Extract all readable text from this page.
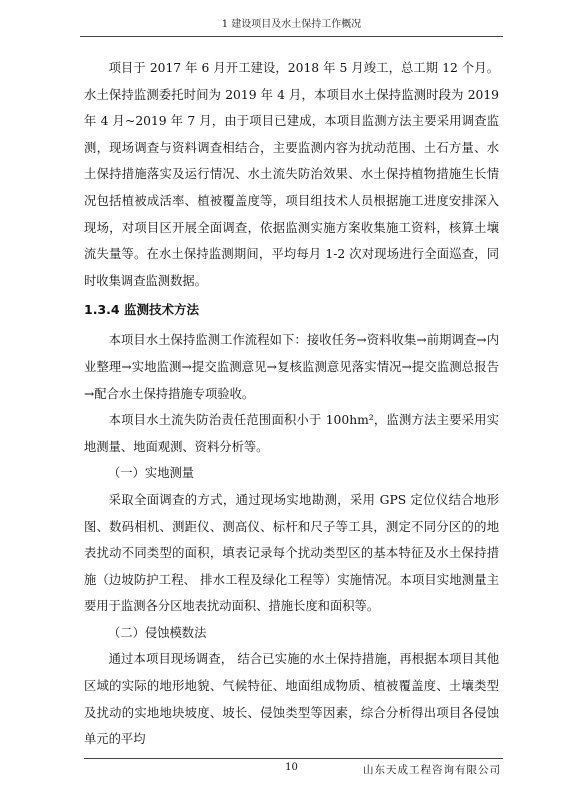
1 建设项目及水土保持工作概况

项目于 2017 年 6 月开工建设，2018 年 5 月竣工，总工期 12 个月。水土保持监测委托时间为 2019 年 4 月，本项目水土保持监测时段为 2019 年 4 月~2019 年 7 月，由于项目已建成，本项目监测方法主要采用调查监测，现场调查与资料调查相结合，主要监测内容为扰动范围、土石方量、水土保持措施落实及运行情况、水土流失防治效果、水土保持植物措施生长情况包括植被成活率、植被覆盖度等，项目组技术人员根据施工进度安排深入现场，对项目区开展全面调查，依据监测实施方案收集施工资料，核算土壤流失量等。在水土保持监测期间，平均每月 1-2 次对现场进行全面巡查，同时收集调查监测数据。

1.3.4 监测技术方法

本项目水土保持监测工作流程如下：接收任务→资料收集→前期调查→内业整理→实地监测→提交监测意见→复核监测意见落实情况→提交监测总报告→配合水土保持措施专项验收。

本项目水土流失防治责任范围面积小于 100hm²，监测方法主要采用实地测量、地面观测、资料分析等。

（一）实地测量

采取全面调查的方式，通过现场实地勘测，采用 GPS 定位仪结合地形图、数码相机、测距仪、测高仪、标杆和尺子等工具，测定不同分区的的地表扰动不同类型的面积，填表记录每个扰动类型区的基本特征及水土保持措施（边坡防护工程、 排水工程及绿化工程等）实施情况。本项目实地测量主要用于监测各分区地表扰动面积、措施长度和面积等。

（二）侵蚀模数法

通过本项目现场调查， 结合已实施的水土保持措施，再根据本项目其他区域的实际的地形地貌、气候特征、地面组成物质、植被覆盖度、土壤类型及扰动的实地地块坡度、坡长、侵蚀类型等因素，综合分析得出项目各侵蚀单元的平均

10	山东天成工程咨询有限公司
